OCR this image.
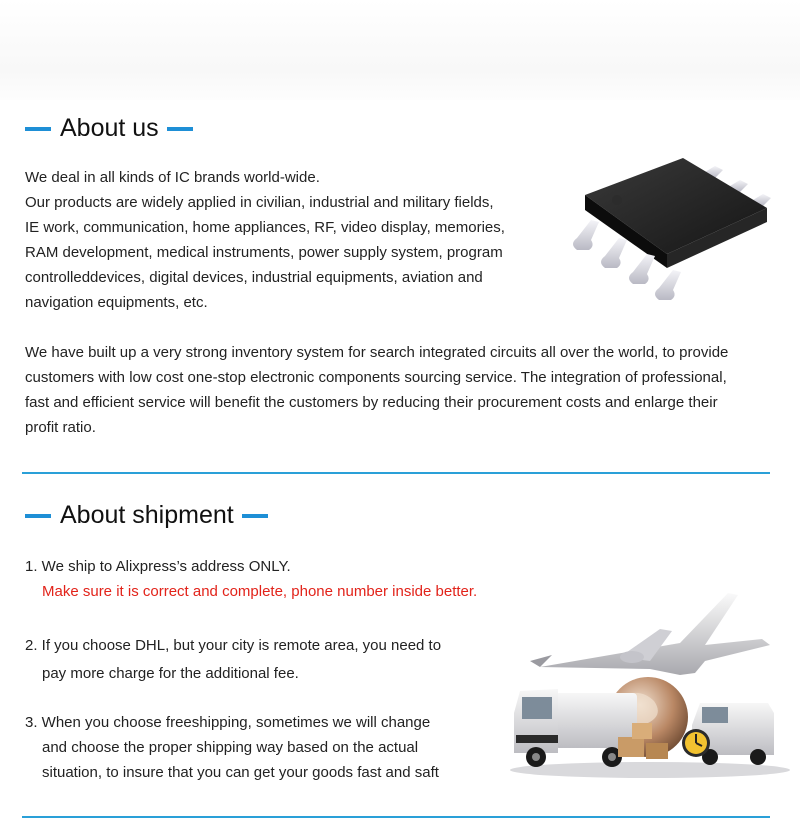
About us
We deal in all kinds of IC brands world-wide.
Our products are widely applied in civilian, industrial and military fields,
IE work, communication, home appliances, RF, video display, memories,
RAM development, medical instruments, power supply system, program
controlleddevices, digital devices, industrial equipments, aviation and
navigation equipments, etc.
We have built up a very strong inventory system for search integrated circuits all over the world, to provide
customers with low cost one-stop electronic components sourcing service. The integration of professional,
fast and efficient service will benefit the customers by reducing their procurement costs and enlarge their
profit ratio.
About shipment
1. We ship to Alixpress’s address ONLY.
Make sure it is correct and complete, phone number inside better.
2. If you choose DHL, but your city is remote area, you need to
pay more charge for the additional fee.
3. When you choose freeshipping, sometimes we will change
and choose the proper shipping way based on the actual
situation, to insure that you can get your goods fast and saft
